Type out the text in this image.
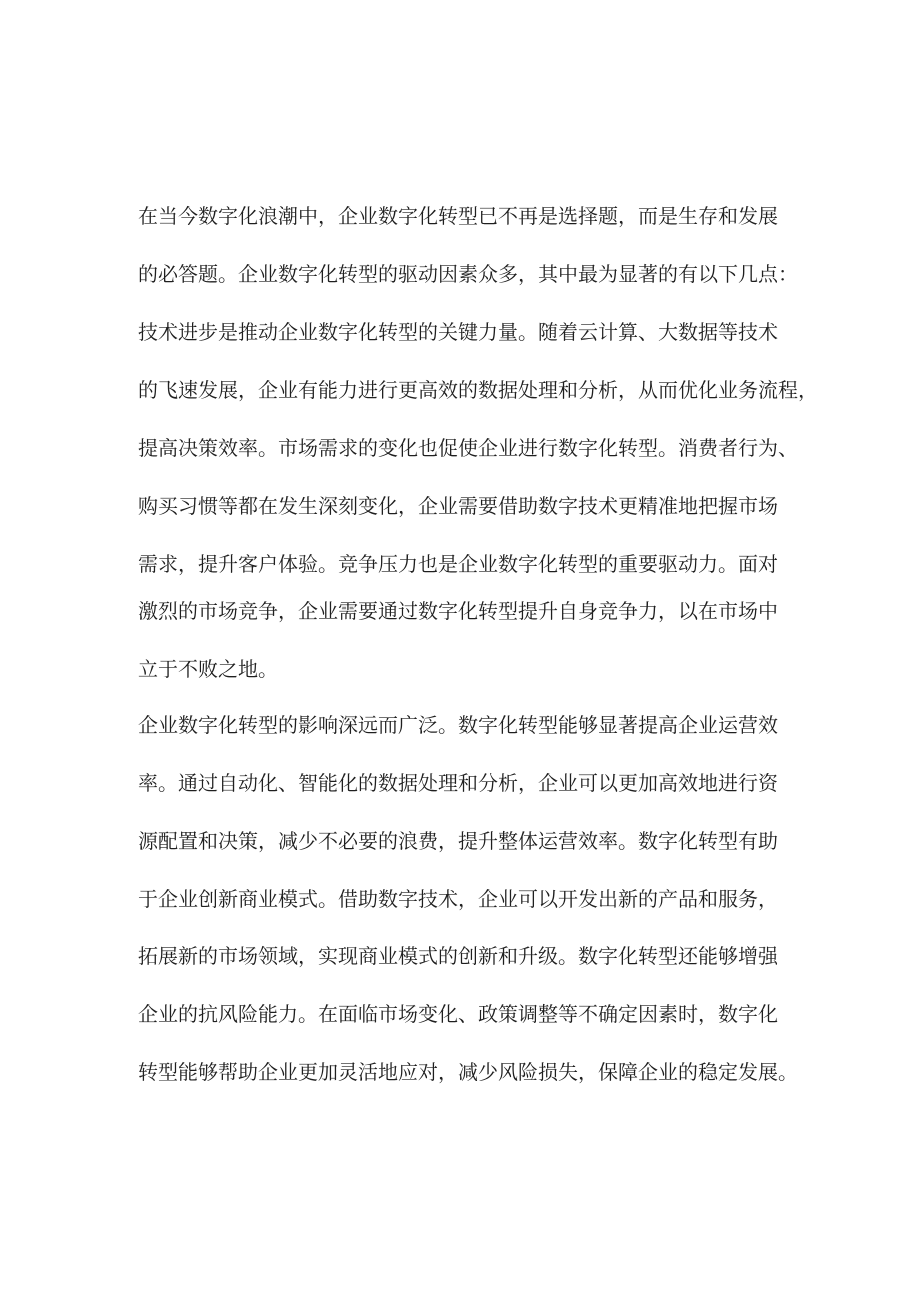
在当今数字化浪潮中，企业数字化转型已不再是选择题，而是生存和发展

的必答题。企业数字化转型的驱动因素众多，其中最为显著的有以下几点：

技术进步是推动企业数字化转型的关键力量。随着云计算、大数据等技术

的飞速发展，企业有能力进行更高效的数据处理和分析，从而优化业务流程，

提高决策效率。市场需求的变化也促使企业进行数字化转型。消费者行为、

购买习惯等都在发生深刻变化，企业需要借助数字技术更精准地把握市场

需求，提升客户体验。竞争压力也是企业数字化转型的重要驱动力。面对

激烈的市场竞争，企业需要通过数字化转型提升自身竞争力，以在市场中

立于不败之地。

企业数字化转型的影响深远而广泛。数字化转型能够显著提高企业运营效

率。通过自动化、智能化的数据处理和分析，企业可以更加高效地进行资

源配置和决策，减少不必要的浪费，提升整体运营效率。数字化转型有助

于企业创新商业模式。借助数字技术，企业可以开发出新的产品和服务，

拓展新的市场领域，实现商业模式的创新和升级。数字化转型还能够增强

企业的抗风险能力。在面临市场变化、政策调整等不确定因素时，数字化

转型能够帮助企业更加灵活地应对，减少风险损失，保障企业的稳定发展。
